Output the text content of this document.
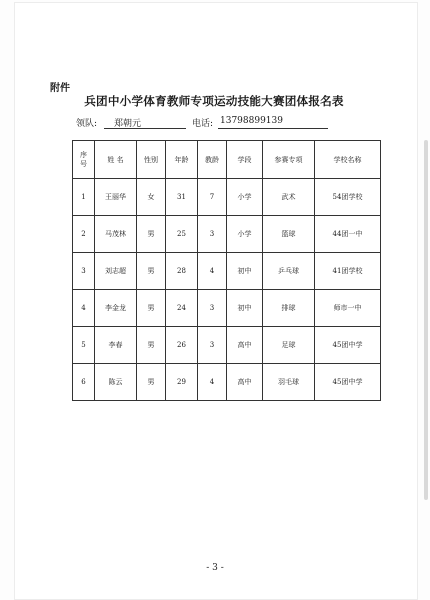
附件
兵团中小学体育教师专项运动技能大赛团体报名表
领队:	郑朝元	电话: 13798899139
序号	姓 名	性别	年龄	教龄	学段	参赛专项	学校名称
1	王丽华	女	31	7	小学	武术	54团学校
2	马茂林	男	25	3	小学	篮球	44团一中
3	刘志超	男	28	4	初中	乒乓球	41团学校
4	李金龙	男	24	3	初中	排球	师市一中
5	李春	男	26	3	高中	足球	45团中学
6	陈云	男	29	4	高中	羽毛球	45团中学
- 3 -
